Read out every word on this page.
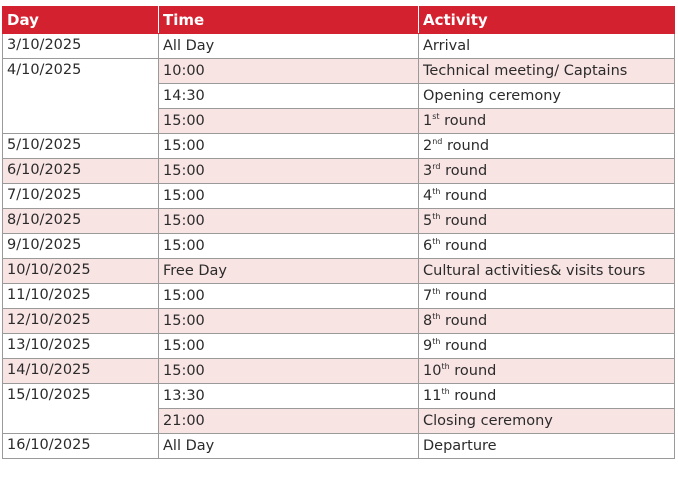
Day	Time	Activity
3/10/2025	All Day	Arrival
4/10/2025	10:00	Technical meeting/ Captains
	14:30	Opening ceremony
	15:00	1st round
5/10/2025	15:00	2nd round
6/10/2025	15:00	3rd round
7/10/2025	15:00	4th round
8/10/2025	15:00	5th round
9/10/2025	15:00	6th round
10/10/2025	Free Day	Cultural activities& visits tours
11/10/2025	15:00	7th round
12/10/2025	15:00	8th round
13/10/2025	15:00	9th round
14/10/2025	15:00	10th round
15/10/2025	13:30	11th round
	21:00	Closing ceremony
16/10/2025	All Day	Departure
